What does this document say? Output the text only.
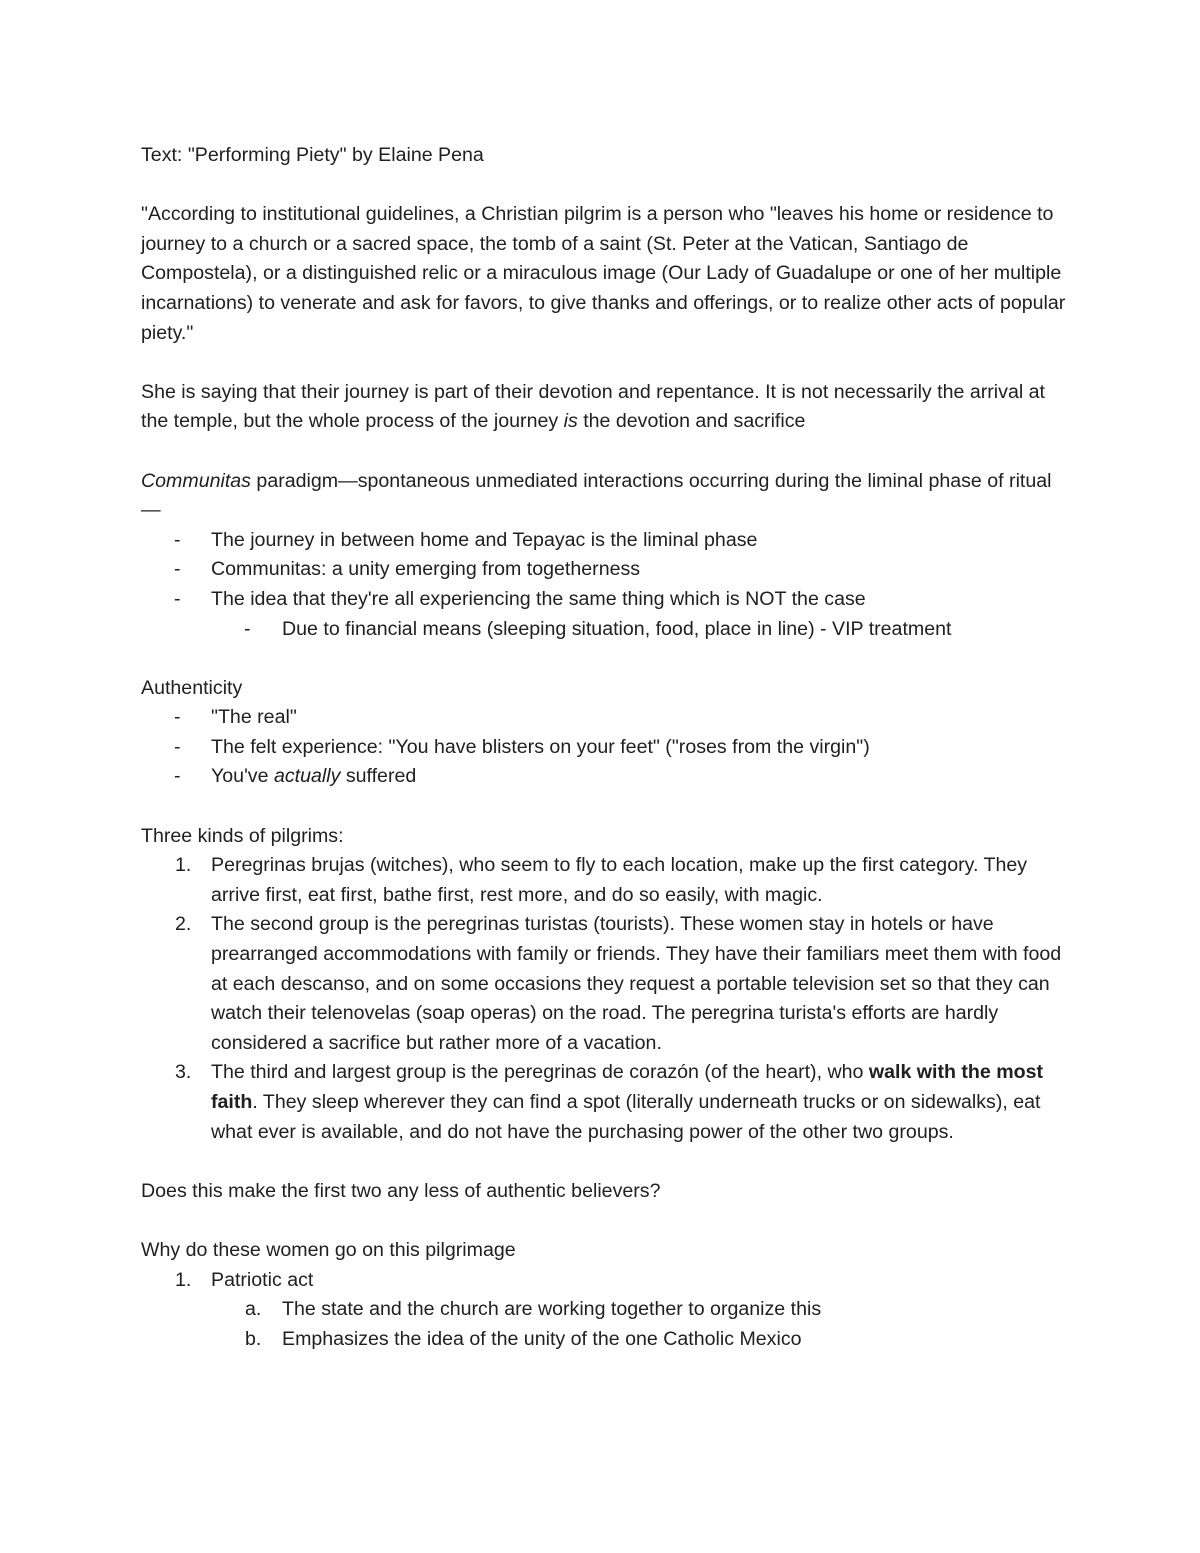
Text: "Performing Piety" by Elaine Pena

"According to institutional guidelines, a Christian pilgrim is a person who "leaves his home or residence to journey to a church or a sacred space, the tomb of a saint (St. Peter at the Vatican, Santiago de Compostela), or a distinguished relic or a miraculous image (Our Lady of Guadalupe or one of her multiple incarnations) to venerate and ask for favors, to give thanks and offerings, or to realize other acts of popular piety."

She is saying that their journey is part of their devotion and repentance. It is not necessarily the arrival at the temple, but the whole process of the journey is the devotion and sacrifice

Communitas paradigm—spontaneous unmediated interactions occurring during the liminal phase of ritual—

- The journey in between home and Tepayac is the liminal phase
- Communitas: a unity emerging from togetherness
- The idea that they're all experiencing the same thing which is NOT the case
- Due to financial means (sleeping situation, food, place in line) - VIP treatment

Authenticity

- "The real"
- The felt experience: "You have blisters on your feet" ("roses from the virgin")
- You've actually suffered

Three kinds of pilgrims:

1. Peregrinas brujas (witches), who seem to fly to each location, make up the first category. They arrive first, eat first, bathe first, rest more, and do so easily, with magic.
2. The second group is the peregrinas turistas (tourists). These women stay in hotels or have prearranged accommodations with family or friends. They have their familiars meet them with food at each descanso, and on some occasions they request a portable television set so that they can watch their telenovelas (soap operas) on the road. The peregrina turista's efforts are hardly considered a sacrifice but rather more of a vacation.
3. The third and largest group is the peregrinas de corazón (of the heart), who walk with the most faith. They sleep wherever they can find a spot (literally underneath trucks or on sidewalks), eat what ever is available, and do not have the purchasing power of the other two groups.

Does this make the first two any less of authentic believers?

Why do these women go on this pilgrimage

1. Patriotic act
a. The state and the church are working together to organize this
b. Emphasizes the idea of the unity of the one Catholic Mexico
